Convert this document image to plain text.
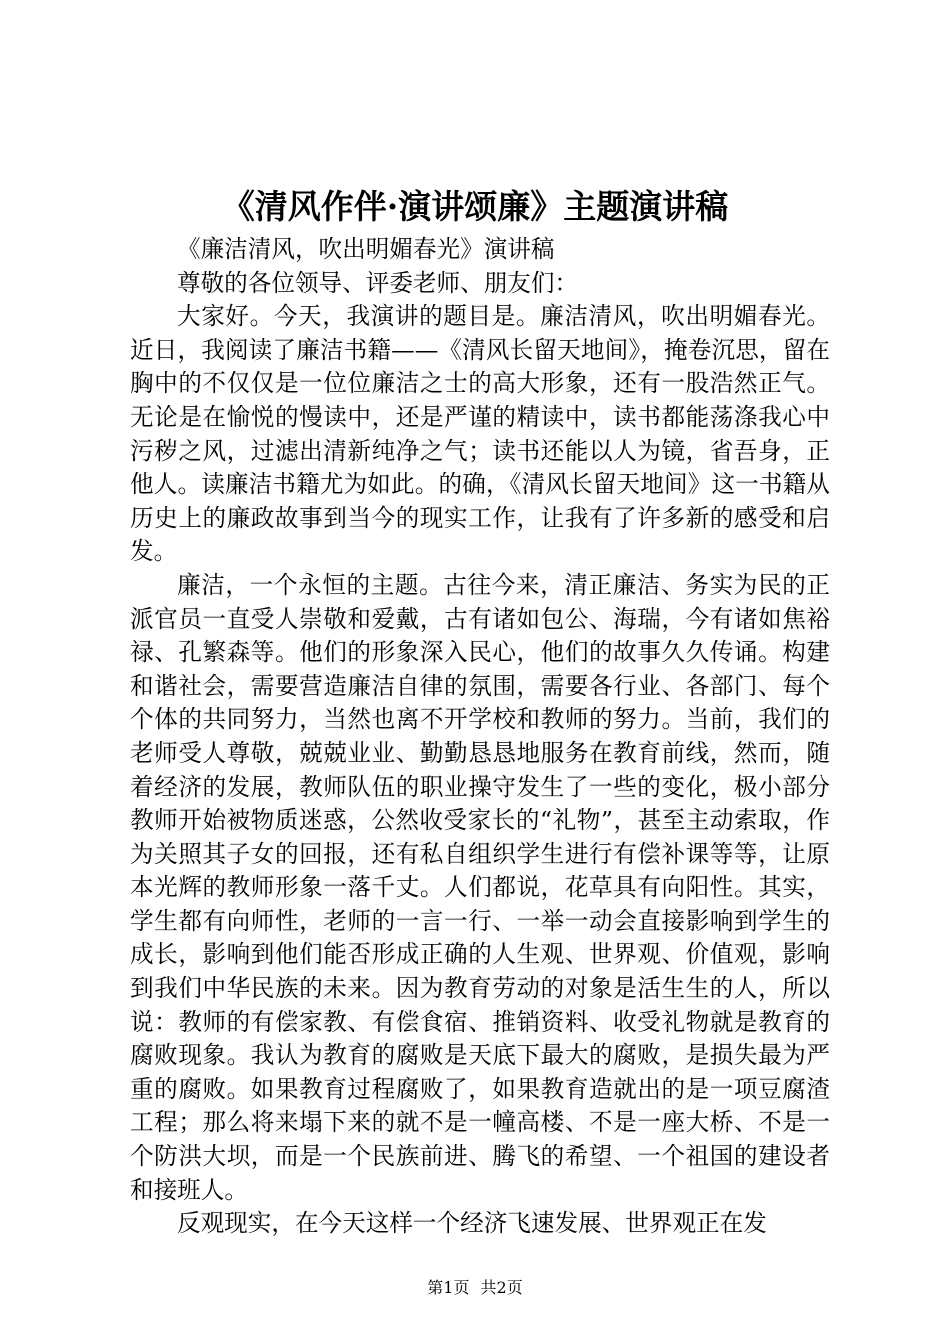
《清风作伴·演讲颂廉》主题演讲稿

《廉洁清风，吹出明媚春光》演讲稿

尊敬的各位领导、评委老师、朋友们：

大家好。今天，我演讲的题目是。廉洁清风，吹出明媚春光。近日，我阅读了廉洁书籍——《清风长留天地间》，掩卷沉思，留在胸中的不仅仅是一位位廉洁之士的高大形象，还有一股浩然正气。无论是在愉悦的慢读中，还是严谨的精读中，读书都能荡涤我心中污秽之风，过滤出清新纯净之气；读书还能以人为镜，省吾身，正他人。读廉洁书籍尤为如此。的确，《清风长留天地间》这一书籍从历史上的廉政故事到当今的现实工作，让我有了许多新的感受和启发。

廉洁，一个永恒的主题。古往今来，清正廉洁、务实为民的正派官员一直受人崇敬和爱戴，古有诸如包公、海瑞，今有诸如焦裕禄、孔繁森等。他们的形象深入民心，他们的故事久久传诵。构建和谐社会，需要营造廉洁自律的氛围，需要各行业、各部门、每个个体的共同努力，当然也离不开学校和教师的努力。当前，我们的老师受人尊敬，兢兢业业、勤勤恳恳地服务在教育前线，然而，随着经济的发展，教师队伍的职业操守发生了一些的变化，极小部分教师开始被物质迷惑，公然收受家长的“礼物”，甚至主动索取，作为关照其子女的回报，还有私自组织学生进行有偿补课等等，让原本光辉的教师形象一落千丈。人们都说，花草具有向阳性。其实，学生都有向师性，老师的一言一行、一举一动会直接影响到学生的成长，影响到他们能否形成正确的人生观、世界观、价值观，影响到我们中华民族的未来。因为教育劳动的对象是活生生的人，所以说：教师的有偿家教、有偿食宿、推销资料、收受礼物就是教育的腐败现象。我认为教育的腐败是天底下最大的腐败，是损失最为严重的腐败。如果教育过程腐败了，如果教育造就出的是一项豆腐渣工程；那么将来塌下来的就不是一幢高楼、不是一座大桥、不是一个防洪大坝，而是一个民族前进、腾飞的希望、一个祖国的建设者和接班人。

反观现实，在今天这样一个经济飞速发展、世界观正在发

第1页 共2页
